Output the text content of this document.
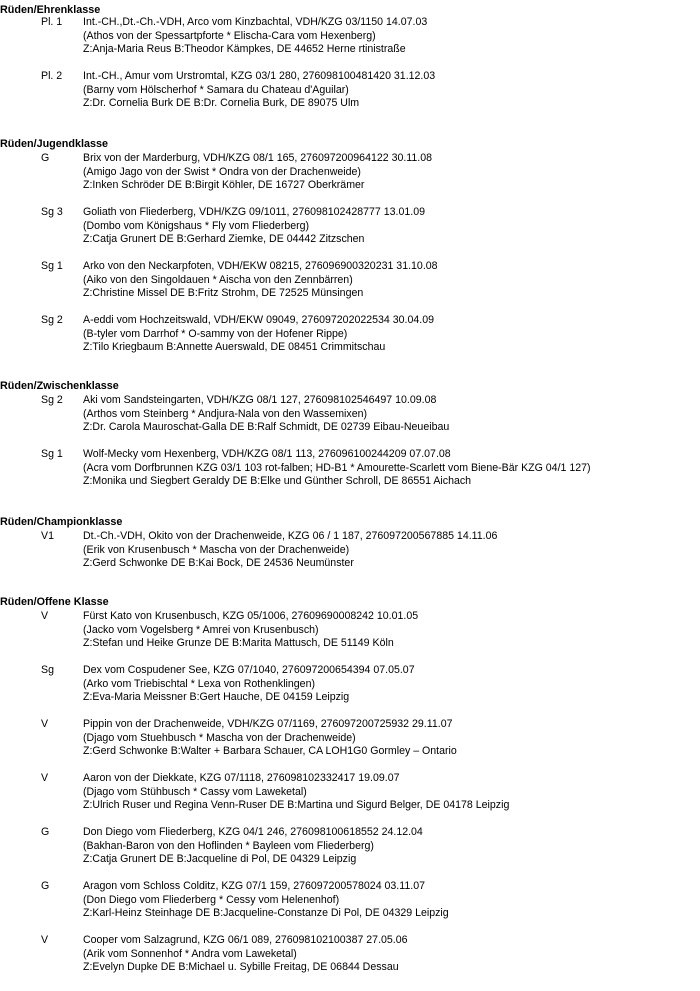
Rüden/Ehrenklasse
Pl. 1 Int.-CH.,Dt.-Ch.-VDH, Arco vom Kinzbachtal, VDH/KZG 03/1150 14.07.03
(Athos von der Spessartpforte * Elischa-Cara vom Hexenberg)
Z:Anja-Maria Reus B:Theodor Kämpkes, DE 44652 Herne rtinistraße
Pl. 2 Int.-CH., Amur vom Urstromtal, KZG 03/1 280, 276098100481420 31.12.03
(Barny vom Hölscherhof * Samara du Chateau d'Aguilar)
Z:Dr. Cornelia Burk DE B:Dr. Cornelia Burk, DE 89075 Ulm
Rüden/Jugendklasse
G	Brix von der Marderburg, VDH/KZG 08/1 165, 276097200964122 30.11.08
(Amigo Jago von der Swist * Ondra von der Drachenweide)
Z:Inken Schröder DE B:Birgit Köhler, DE 16727 Oberkrämer
Sg 3 Goliath von Fliederberg, VDH/KZG 09/1011, 276098102428777 13.01.09
(Dombo vom Königshaus * Fly vom Fliederberg)
Z:Catja Grunert DE B:Gerhard Ziemke, DE 04442 Zitzschen
Sg 1 Arko von den Neckarpfoten, VDH/EKW 08215, 276096900320231 31.10.08
(Aiko von den Singoldauen * Aischa von den Zennbärren)
Z:Christine Missel DE B:Fritz Strohm, DE 72525 Münsingen
Sg 2 A-eddi vom Hochzeitswald, VDH/EKW 09049, 276097202022534 30.04.09
(B-tyler vom Darrhof * O-sammy von der Hofener Rippe)
Z:Tilo Kriegbaum B:Annette Auerswald, DE 08451 Crimmitschau
Rüden/Zwischenklasse
Sg 2 Aki vom Sandsteingarten, VDH/KZG 08/1 127, 276098102546497 10.09.08
(Arthos vom Steinberg * Andjura-Nala von den Wassemixen)
Z:Dr. Carola Mauroschat-Galla DE B:Ralf Schmidt, DE 02739 Eibau-Neueibau
Sg 1 Wolf-Mecky vom Hexenberg, VDH/KZG 08/1 113, 276096100244209 07.07.08
(Acra vom Dorfbrunnen KZG 03/1 103 rot-falben; HD-B1 * Amourette-Scarlett vom Biene-Bär KZG 04/1 127)
Z:Monika und Siegbert Geraldy DE B:Elke und Günther Schroll, DE 86551 Aichach
Rüden/Championklasse
V1	Dt.-Ch.-VDH, Okito von der Drachenweide, KZG 06 / 1 187, 276097200567885 14.11.06
(Erik von Krusenbusch * Mascha von der Drachenweide)
Z:Gerd Schwonke DE B:Kai Bock, DE 24536 Neumünster
Rüden/Offene Klasse
V	Fürst Kato von Krusenbusch, KZG 05/1006, 27609690008242 10.01.05
(Jacko vom Vogelsberg * Amrei von Krusenbusch)
Z:Stefan und Heike Grunze DE B:Marita Mattusch, DE 51149 Köln
Sg	Dex vom Cospudener See, KZG 07/1040, 276097200654394 07.05.07
(Arko vom Triebischtal * Lexa von Rothenklingen)
Z:Eva-Maria Meissner B:Gert Hauche, DE 04159 Leipzig
V	Pippin von der Drachenweide, VDH/KZG 07/1169, 276097200725932 29.11.07
(Djago vom Stuehbusch * Mascha von der Drachenweide)
Z:Gerd Schwonke B:Walter + Barbara Schauer, CA LOH1G0 Gormley – Ontario
V	Aaron von der Diekkate, KZG 07/1118, 276098102332417 19.09.07
(Djago vom Stühbusch * Cassy vom Laweketal)
Z:Ulrich Ruser und Regina Venn-Ruser DE B:Martina und Sigurd Belger, DE 04178 Leipzig
G	Don Diego vom Fliederberg, KZG 04/1 246, 276098100618552 24.12.04
(Bakhan-Baron von den Hoflinden * Bayleen vom Fliederberg)
Z:Catja Grunert DE B:Jacqueline di Pol, DE 04329 Leipzig
G	Aragon vom Schloss Colditz, KZG 07/1 159, 276097200578024 03.11.07
(Don Diego vom Fliederberg * Cessy vom Helenenhof)
Z:Karl-Heinz Steinhage DE B:Jacqueline-Constanze Di Pol, DE 04329 Leipzig
V	Cooper vom Salzagrund, KZG 06/1 089, 276098102100387 27.05.06
(Arik vom Sonnenhof * Andra vom Laweketal)
Z:Evelyn Dupke DE B:Michael u. Sybille Freitag, DE 06844 Dessau
